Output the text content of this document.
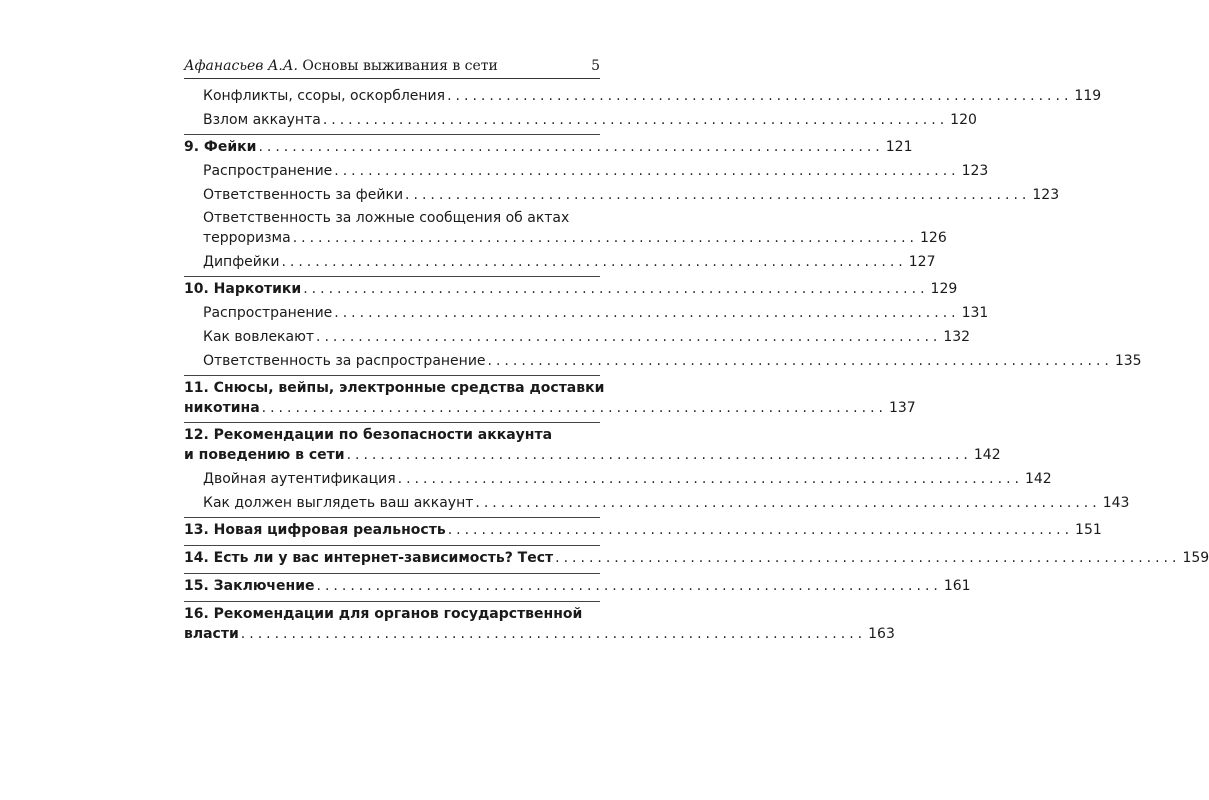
Афанасьев А.А. Основы выживания в сети	5
Конфликты, ссоры, оскорбления .......................................................................... 119
Взлом аккаунта .......................................................................... 120
9. Фейки .......................................................................... 121
Распространение .......................................................................... 123
Ответственность за фейки .......................................................................... 123
Ответственность за ложные сообщения об актах
терроризма .......................................................................... 126
Дипфейки .......................................................................... 127
10. Наркотики .......................................................................... 129
Распространение .......................................................................... 131
Как вовлекают .......................................................................... 132
Ответственность за распространение .......................................................................... 135
11. Снюсы, вейпы, электронные средства доставки
никотина .......................................................................... 137
12. Рекомендации по безопасности аккаунта
и поведению в сети .......................................................................... 142
Двойная аутентификация .......................................................................... 142
Как должен выглядеть ваш аккаунт .......................................................................... 143
13. Новая цифровая реальность .......................................................................... 151
14. Есть ли у вас интернет-зависимость? Тест .......................................................................... 159
15. Заключение .......................................................................... 161
16. Рекомендации для органов государственной
власти .......................................................................... 163
